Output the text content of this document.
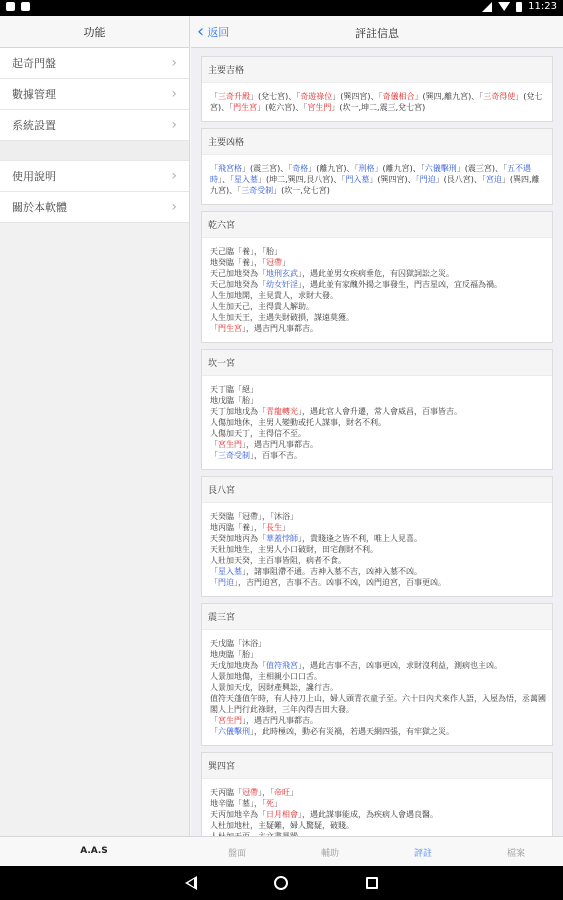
11:23
功能
起奇門盤	›
數據管理	›
系統設置	›
使用說明	›
關於本軟體	›
‹ 返回	評註信息
主要吉格
「三奇升殿」(兌七宮)、「奇遊祿位」(巽四宮)、「奇儀相合」(巽四,離九宮)、「三奇得使」(兌七宮)、「門生宮」(乾六宮)、「宮生門」(坎一,坤二,震三,兌七宮)
主要凶格
「飛宮格」(震三宮)、「奇格」(離九宮)、「刑格」(離九宮)、「六儀擊刑」(震三宮)、「五不遇時」、「星入墓」(坤二,巽四,艮八宮)、「門入墓」(巽四宮)、「門迫」(艮八宮)、「宮迫」(巽四,離九宮)、「三奇受制」(坎一,兌七宮)
乾六宮
天己臨「養」，「胎」
地癸臨「養」，「冠帶」
天己加地癸為「地刑玄武」，遇此並男女疾病垂危，有囚獄詞訟之災。
天己加地癸為「幼女奸淫」，遇此並有家醜外揚之事發生，門吉星凶，宜反福為禍。
人生加地開，主見貴人，求財大發。
人生加天己，主得貴人解助。
人生加天王，主遇失財破損，謀遠莫獲。
「門生宮」，遇吉門凡事都吉。
坎一宮
天丁臨「絕」
地戊臨「胎」
天丁加地戊為「青龍轉光」，遇此官人會升遷，常人會威昌，百事皆吉。
人傷加地休，主男人變動或托人謀事，財名不利。
人傷加天丁，主得信不至。
「宮生門」，遇吉門凡事都吉。
「三奇受制」，百事不吉。
艮八宮
天癸臨「冠帶」，「沐浴」
地丙臨「養」，「長生」
天癸加地丙為「華蓋悖師」，貴賤逢之皆不利，唯上人見喜。
天壯加地生，主男人小口破財，田宅創財不利。
人壯加天癸，主百事皆阻，病者不食。
「星入墓」，諸事阻滯不通。吉神入墓不吉，凶神入墓不凶。
「門迫」，吉門迫宮，吉事不吉。凶事不凶，凶門迫宮，百事更凶。
震三宮
天戊臨「沐浴」
地庚臨「胎」
天戊加地庚為「值符飛宮」，遇此吉事不吉，凶事更凶，求財沒利益，測病也主凶。
人景加地傷，主相親小口口舌。
人景加天戊，因財產興訟，讒行吉。
值符天蓬值午時，有人持刀上山，婦人頭青衣童子至。六十日內犬來作人語，入屋為悟，丞萬國閣人上門行此祿財，三年內得吉田大發。
「宮生門」，遇吉門凡事都吉。
「六儀擊刑」，此時極凶，動必有災禍，若遇天網四張，有牢獄之災。
巽四宮
天丙臨「冠帶」，「帝旺」
地辛臨「墓」，「死」
天丙加地辛為「日月相會」，遇此謀事能成，為疾病人會遇良醫。
人杜加地杜，主疑難，婦人驚疑，破賤。

A.A.S	盤面	輔助	評註	檔案
